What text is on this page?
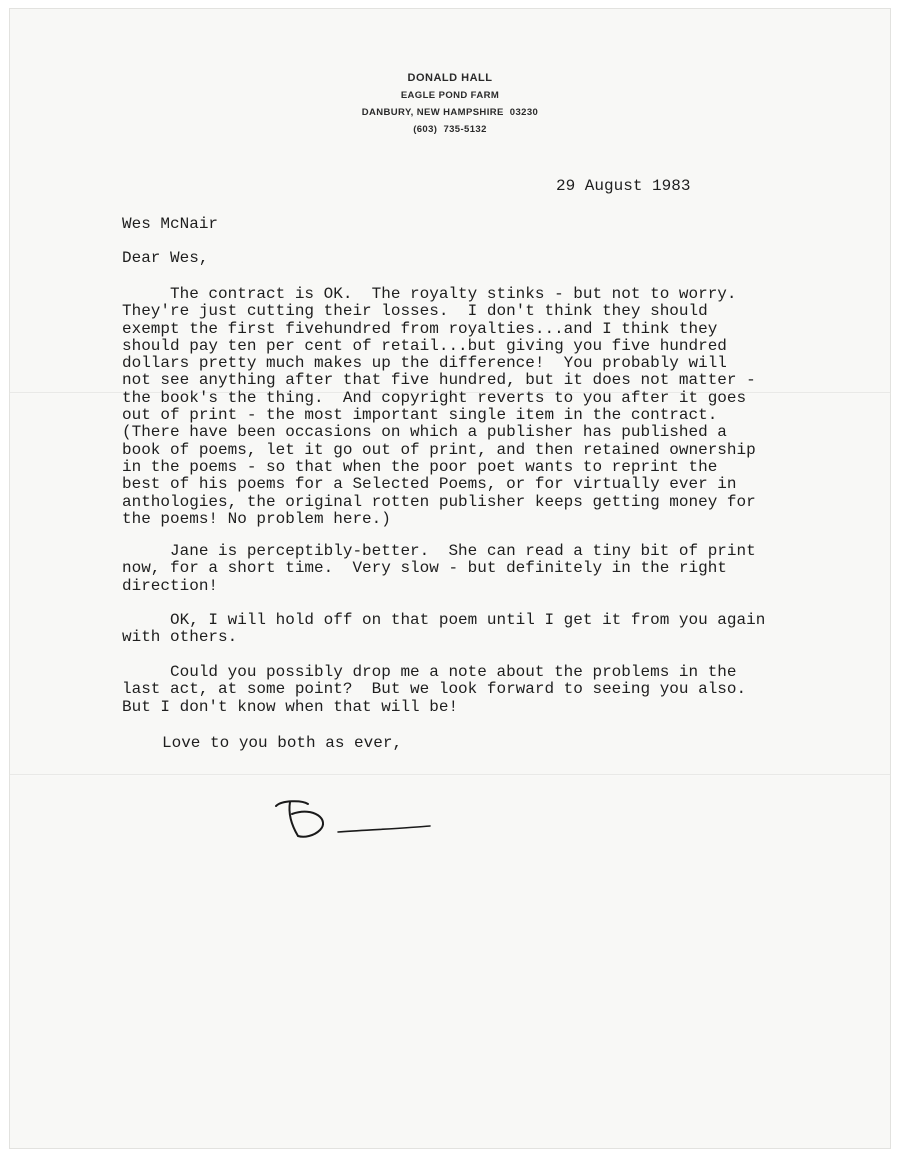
DONALD HALL
EAGLE POND FARM
DANBURY, NEW HAMPSHIRE  03230
(603)  735-5132

29 August 1983

Wes McNair

Dear Wes,

The contract is OK.  The royalty stinks - but not to worry.
They're just cutting their losses.  I don't think they should
exempt the first fivehundred from royalties...and I think they
should pay ten per cent of retail...but giving you five hundred
dollars pretty much makes up the difference!  You probably will
not see anything after that five hundred, but it does not matter -
the book's the thing.  And copyright reverts to you after it goes
out of print - the most important single item in the contract.
(There have been occasions on which a publisher has published a
book of poems, let it go out of print, and then retained ownership
in the poems - so that when the poor poet wants to reprint the
best of his poems for a Selected Poems, or for virtually ever in
anthologies, the original rotten publisher keeps getting money for
the poems! No problem here.)

Jane is perceptibly-better.  She can read a tiny bit of print
now, for a short time.  Very slow - but definitely in the right
direction!

OK, I will hold off on that poem until I get it from you again
with others.

Could you possibly drop me a note about the problems in the
last act, at some point?  But we look forward to seeing you also.
But I don't know when that will be!

Love to you both as ever,
